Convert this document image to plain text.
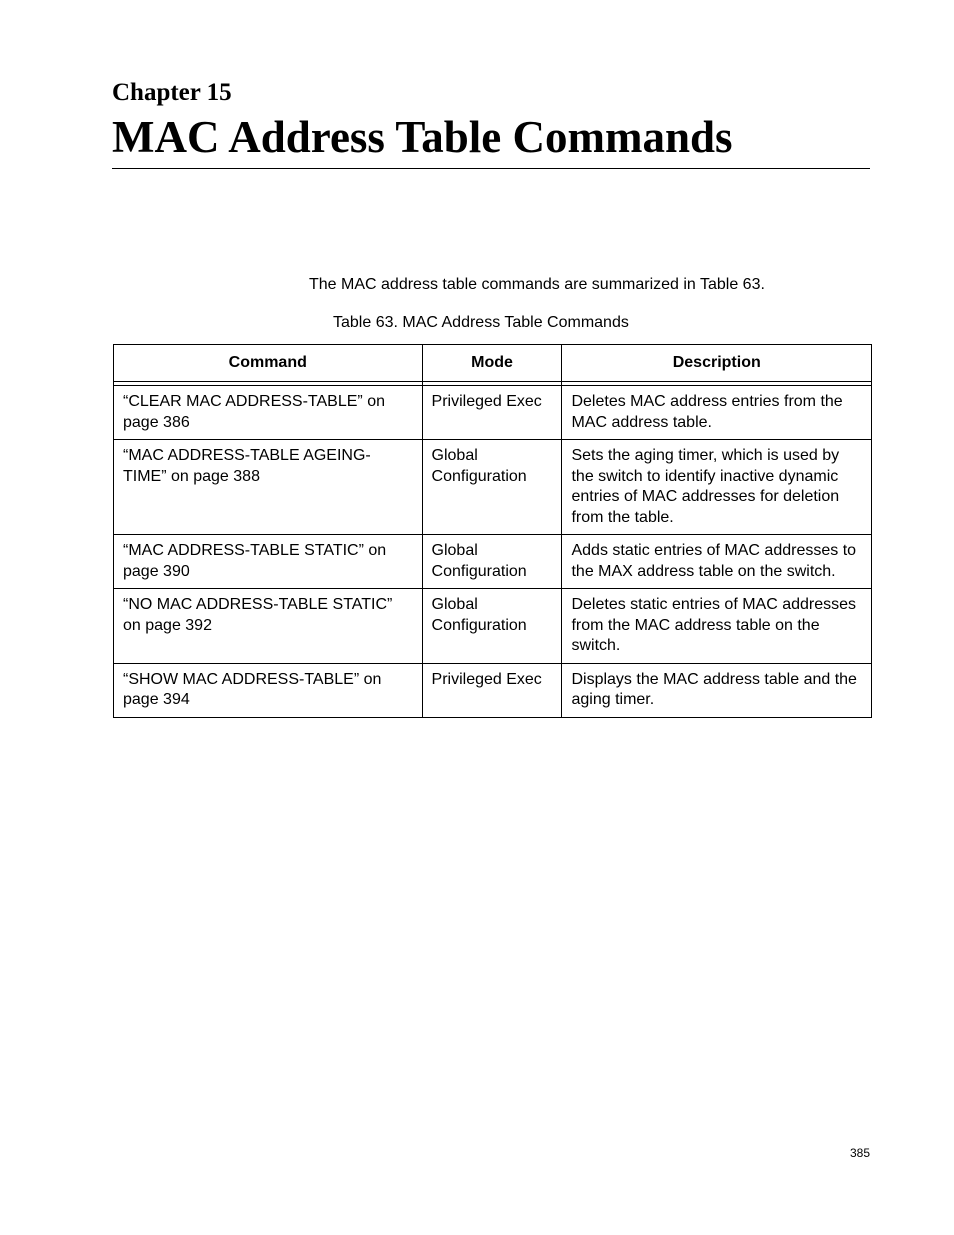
Chapter 15

MAC Address Table Commands

The MAC address table commands are summarized in Table 63.

Table 63. MAC Address Table Commands

Command	Mode	Description

“CLEAR MAC ADDRESS-TABLE” on page 386	Privileged Exec	Deletes MAC address entries from the MAC address table.

“MAC ADDRESS-TABLE AGEING-TIME” on page 388	Global Configuration	Sets the aging timer, which is used by the switch to identify inactive dynamic entries of MAC addresses for deletion from the table.

“MAC ADDRESS-TABLE STATIC” on page 390	Global Configuration	Adds static entries of MAC addresses to the MAX address table on the switch.

“NO MAC ADDRESS-TABLE STATIC” on page 392	Global Configuration	Deletes static entries of MAC addresses from the MAC address table on the switch.

“SHOW MAC ADDRESS-TABLE” on page 394	Privileged Exec	Displays the MAC address table and the aging timer.

385
